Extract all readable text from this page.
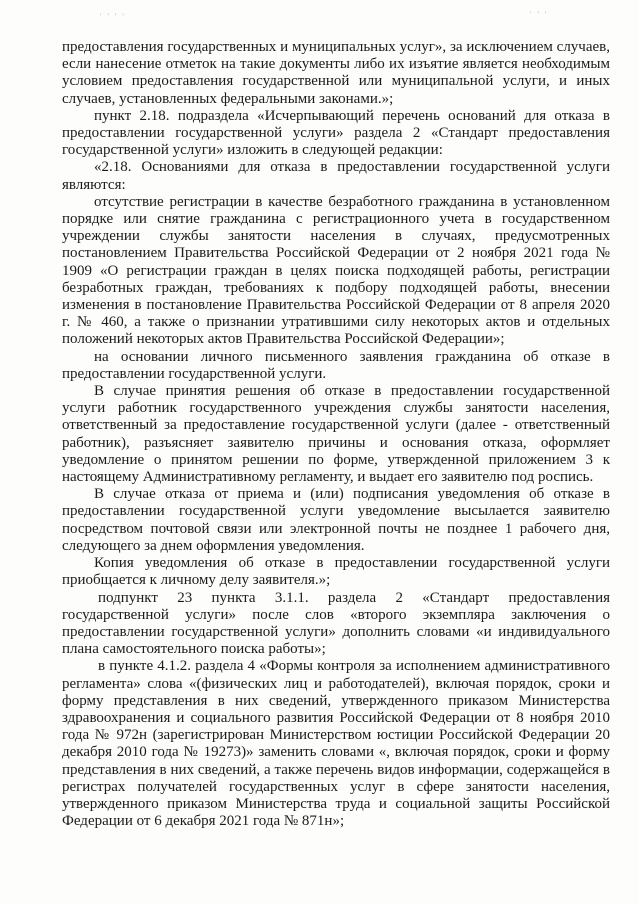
' ' ' '	' ' '

предоставления государственных и муниципальных услуг», за исключением случаев, если нанесение отметок на такие документы либо их изъятие является необходимым условием предоставления государственной или муниципальной услуги, и иных случаев, установленных федеральными законами.»;

пункт 2.18. подраздела «Исчерпывающий перечень оснований для отказа в предоставлении государственной услуги» раздела 2 «Стандарт предоставления государственной услуги» изложить в следующей редакции:

«2.18. Основаниями для отказа в предоставлении государственной услуги являются:

отсутствие регистрации в качестве безработного гражданина в установленном порядке или снятие гражданина с регистрационного учета в государственном учреждении службы занятости населения в случаях, предусмотренных постановлением Правительства Российской Федерации от 2 ноября 2021 года № 1909 «О регистрации граждан в целях поиска подходящей работы, регистрации безработных граждан, требованиях к подбору подходящей работы, внесении изменения в постановление Правительства Российской Федерации от 8 апреля 2020 г. № 460, а также о признании утратившими силу некоторых актов и отдельных положений некоторых актов Правительства Российской Федерации»;

на основании личного письменного заявления гражданина об отказе в предоставлении государственной услуги.

В случае принятия решения об отказе в предоставлении государственной услуги работник государственного учреждения службы занятости населения, ответственный за предоставление государственной услуги (далее - ответственный работник), разъясняет заявителю причины и основания отказа, оформляет уведомление о принятом решении по форме, утвержденной приложением 3 к настоящему Административному регламенту, и выдает его заявителю под роспись.

В случае отказа от приема и (или) подписания уведомления об отказе в предоставлении государственной услуги уведомление высылается заявителю посредством почтовой связи или электронной почты не позднее 1 рабочего дня, следующего за днем оформления уведомления.

Копия уведомления об отказе в предоставлении государственной услуги приобщается к личному делу заявителя.»;

подпункт 23 пункта 3.1.1. раздела 2 «Стандарт предоставления государственной услуги» после слов «второго экземпляра заключения о предоставлении государственной услуги» дополнить словами «и индивидуального плана самостоятельного поиска работы»;

в пункте 4.1.2. раздела 4 «Формы контроля за исполнением административного регламента» слова «(физических лиц и работодателей), включая порядок, сроки и форму представления в них сведений, утвержденного приказом Министерства здравоохранения и социального развития Российской Федерации от 8 ноября 2010 года № 972н (зарегистрирован Министерством юстиции Российской Федерации 20 декабря 2010 года № 19273)» заменить словами «, включая порядок, сроки и форму представления в них сведений, а также перечень видов информации, содержащейся в регистрах получателей государственных услуг в сфере занятости населения, утвержденного приказом Министерства труда и социальной защиты Российской Федерации от 6 декабря 2021 года № 871н»;
